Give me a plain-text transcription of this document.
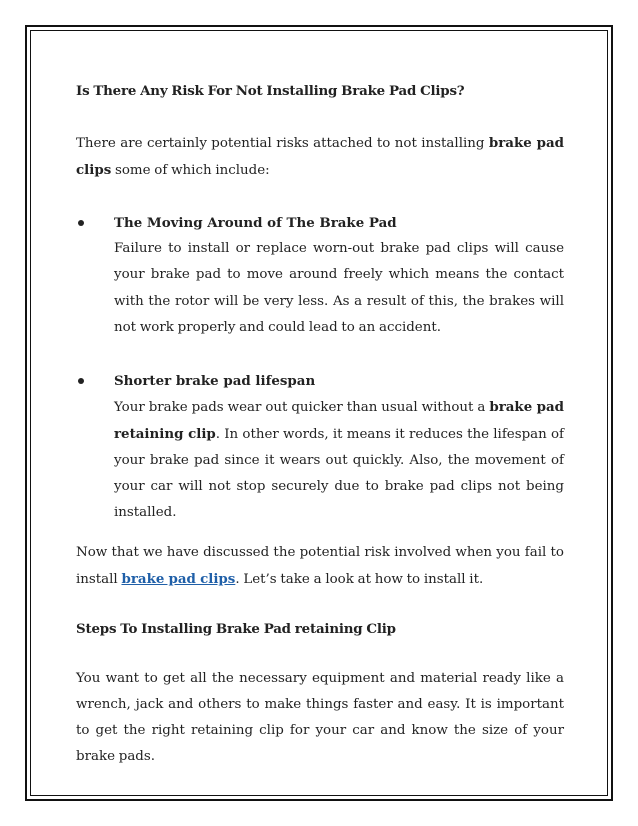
Is There Any Risk For Not Installing Brake Pad Clips?

There are certainly potential risks attached to not installing brake pad clips some of which include:

The Moving Around of The Brake Pad
Failure to install or replace worn-out brake pad clips will cause your brake pad to move around freely which means the contact with the rotor will be very less. As a result of this, the brakes will not work properly and could lead to an accident.
Shorter brake pad lifespan
Your brake pads wear out quicker than usual without a brake pad retaining clip. In other words, it means it reduces the lifespan of your brake pad since it wears out quickly. Also, the movement of your car will not stop securely due to brake pad clips not being installed.

Now that we have discussed the potential risk involved when you fail to install brake pad clips. Let’s take a look at how to install it.

Steps To Installing Brake Pad retaining Clip

You want to get all the necessary equipment and material ready like a wrench, jack and others to make things faster and easy. It is important to get the right retaining clip for your car and know the size of your brake pads.
